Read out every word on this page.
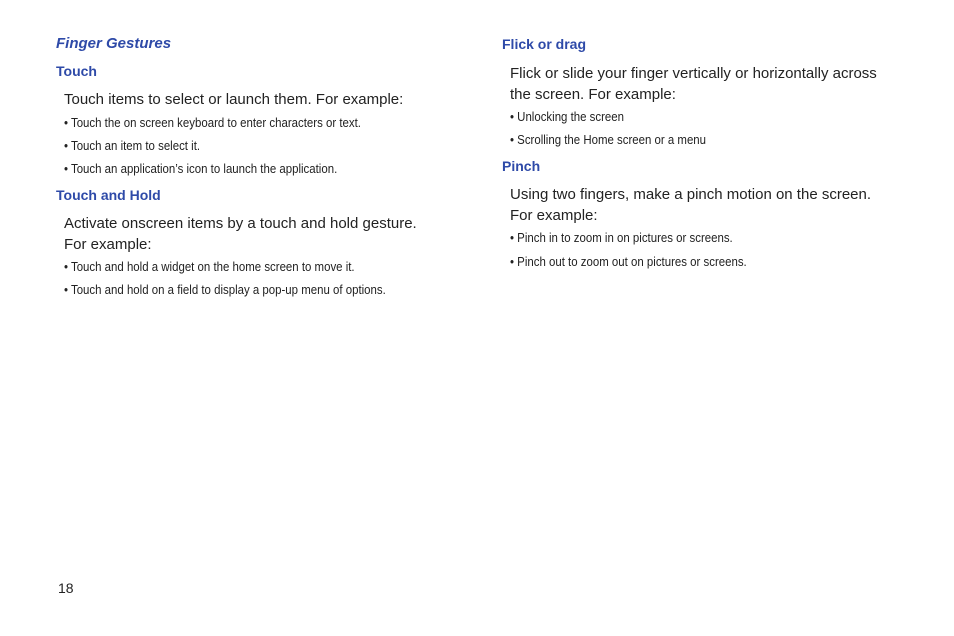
Finger Gestures
Touch
Touch items to select or launch them. For example:
• Touch the on screen keyboard to enter characters or text.
• Touch an item to select it.
• Touch an application’s icon to launch the application.
Touch and Hold
Activate onscreen items by a touch and hold gesture. For example:
• Touch and hold a widget on the home screen to move it.
• Touch and hold on a field to display a pop-up menu of options.
Flick or drag
Flick or slide your finger vertically or horizontally across the screen. For example:
• Unlocking the screen
• Scrolling the Home screen or a menu
Pinch
Using two fingers, make a pinch motion on the screen. For example:
• Pinch in to zoom in on pictures or screens.
• Pinch out to zoom out on pictures or screens.
18
